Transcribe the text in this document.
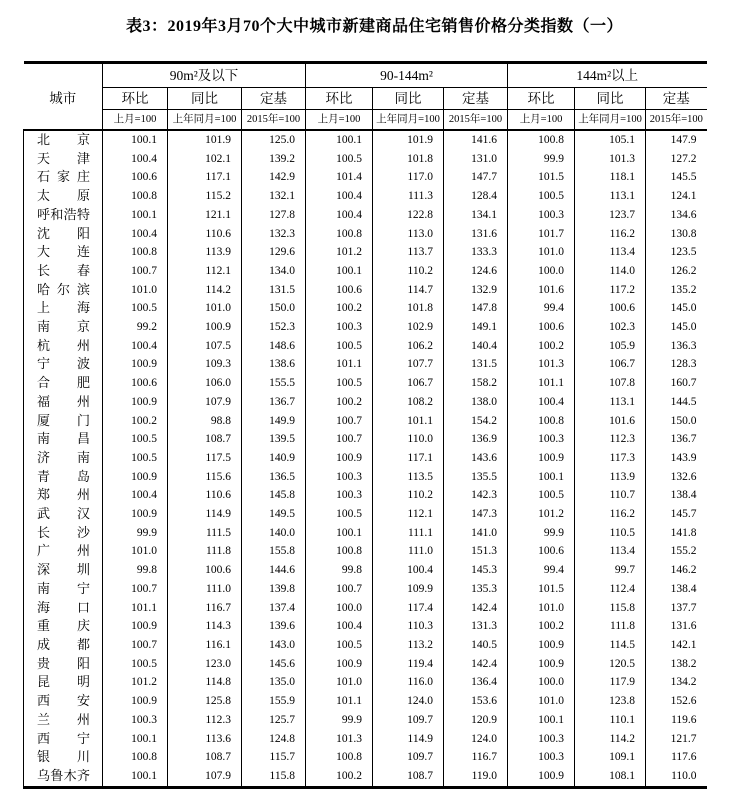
表3：2019年3月70个大中城市新建商品住宅销售价格分类指数（一）
城市	90m²及以下			90-144m²			144m²以上		
	环比	同比	定基	环比	同比	定基	环比	同比	定基
	上月=100	上年同月=100	2015年=100	上月=100	上年同月=100	2015年=100	上月=100	上年同月=100	2015年=100
北京	100.1	101.9	125.0	100.1	101.9	141.6	100.8	105.1	147.9
天津	100.4	102.1	139.2	100.5	101.8	131.0	99.9	101.3	127.2
石家庄	100.6	117.1	142.9	101.4	117.0	147.7	101.5	118.1	145.5
太原	100.8	115.2	132.1	100.4	111.3	128.4	100.5	113.1	124.1
呼和浩特	100.1	121.1	127.8	100.4	122.8	134.1	100.3	123.7	134.6
沈阳	100.4	110.6	132.3	100.8	113.0	131.6	101.7	116.2	130.8
大连	100.8	113.9	129.6	101.2	113.7	133.3	101.0	113.4	123.5
长春	100.7	112.1	134.0	100.1	110.2	124.6	100.0	114.0	126.2
哈尔滨	101.0	114.2	131.5	100.6	114.7	132.9	101.6	117.2	135.2
上海	100.5	101.0	150.0	100.2	101.8	147.8	99.4	100.6	145.0
南京	99.2	100.9	152.3	100.3	102.9	149.1	100.6	102.3	145.0
杭州	100.4	107.5	148.6	100.5	106.2	140.4	100.2	105.9	136.3
宁波	100.9	109.3	138.6	101.1	107.7	131.5	101.3	106.7	128.3
合肥	100.6	106.0	155.5	100.5	106.7	158.2	101.1	107.8	160.7
福州	100.9	107.9	136.7	100.2	108.2	138.0	100.4	113.1	144.5
厦门	100.2	98.8	149.9	100.7	101.1	154.2	100.8	101.6	150.0
南昌	100.5	108.7	139.5	100.7	110.0	136.9	100.3	112.3	136.7
济南	100.5	117.5	140.9	100.9	117.1	143.6	100.9	117.3	143.9
青岛	100.9	115.6	136.5	100.3	113.5	135.5	100.1	113.9	132.6
郑州	100.4	110.6	145.8	100.3	110.2	142.3	100.5	110.7	138.4
武汉	100.9	114.9	149.5	100.5	112.1	147.3	101.2	116.2	145.7
长沙	99.9	111.5	140.0	100.1	111.1	141.0	99.9	110.5	141.8
广州	101.0	111.8	155.8	100.8	111.0	151.3	100.6	113.4	155.2
深圳	99.8	100.6	144.6	99.8	100.4	145.3	99.4	99.7	146.2
南宁	100.7	111.0	139.8	100.7	109.9	135.3	101.5	112.4	138.4
海口	101.1	116.7	137.4	100.0	117.4	142.4	101.0	115.8	137.7
重庆	100.9	114.3	139.6	100.4	110.3	131.3	100.2	111.8	131.6
成都	100.7	116.1	143.0	100.5	113.2	140.5	100.9	114.5	142.1
贵阳	100.5	123.0	145.6	100.9	119.4	142.4	100.9	120.5	138.2
昆明	101.2	114.8	135.0	101.0	116.0	136.4	100.0	117.9	134.2
西安	100.9	125.8	155.9	101.1	124.0	153.6	101.0	123.8	152.6
兰州	100.3	112.3	125.7	99.9	109.7	120.9	100.1	110.1	119.6
西宁	100.1	113.6	124.8	101.3	114.9	124.0	100.3	114.2	121.7
银川	100.8	108.7	115.7	100.8	109.7	116.7	100.3	109.1	117.6
乌鲁木齐	100.1	107.9	115.8	100.2	108.7	119.0	100.9	108.1	110.0
